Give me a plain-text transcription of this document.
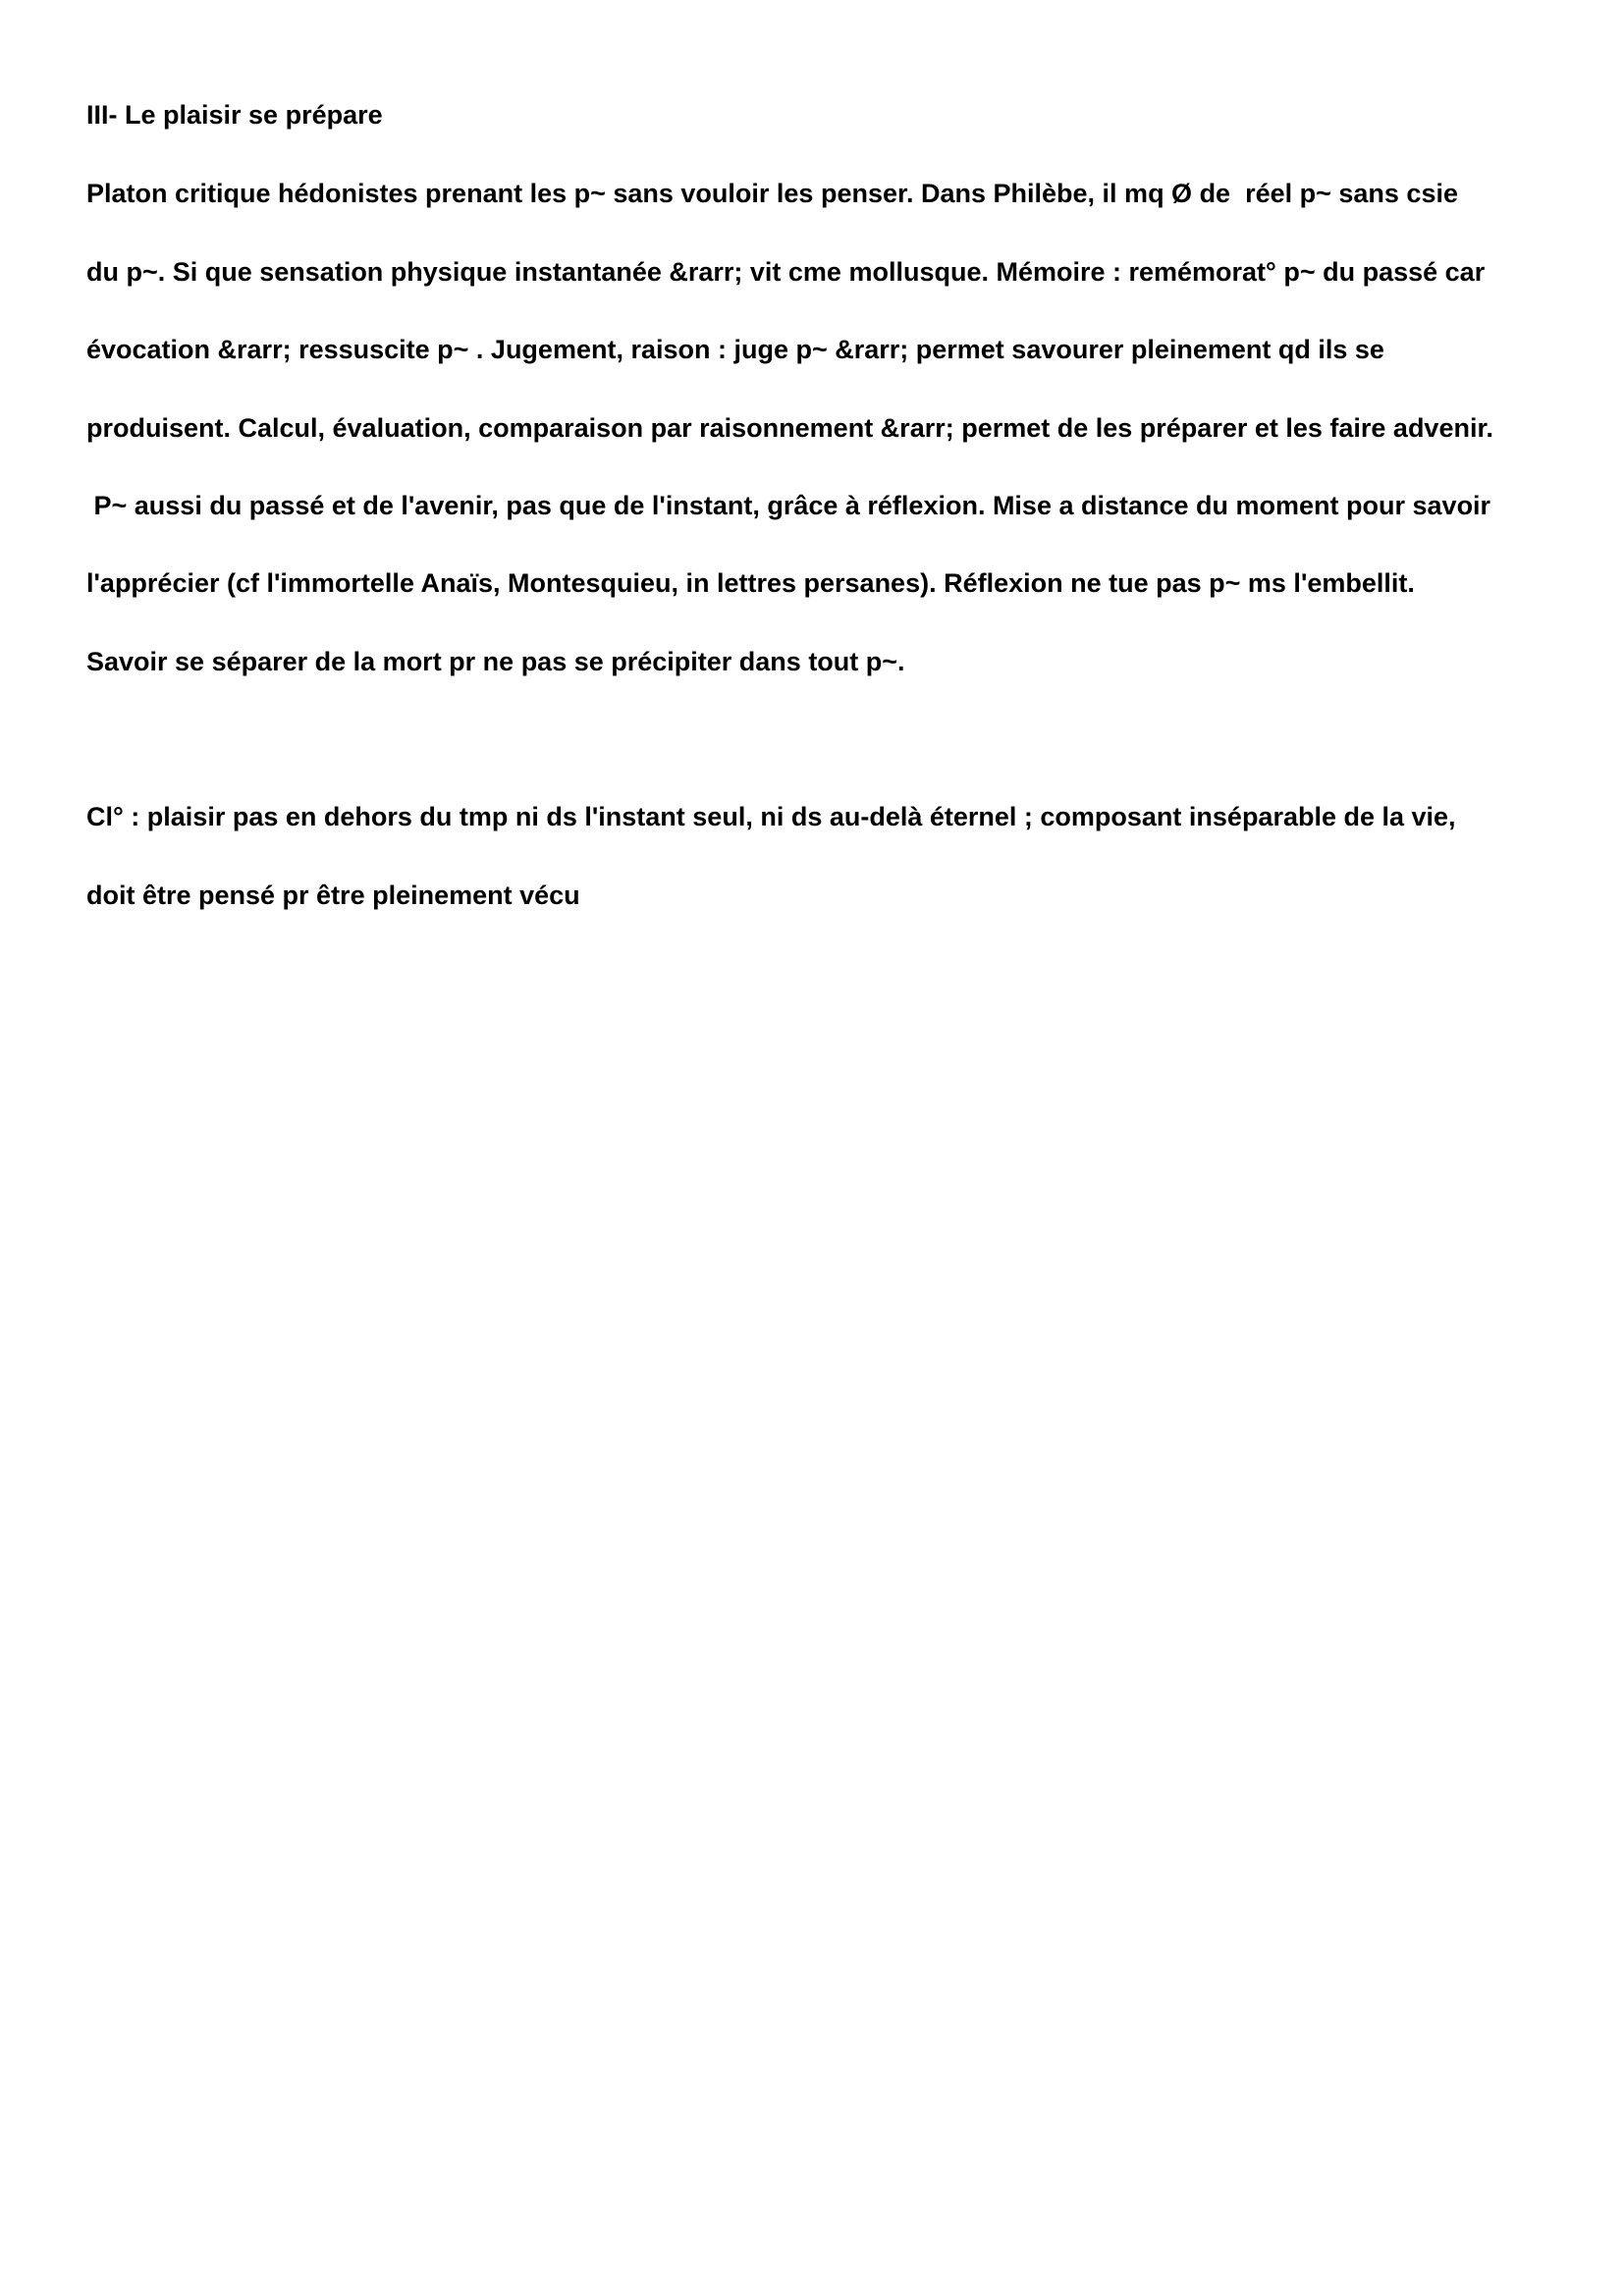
III- Le plaisir se prépare
Platon critique hédonistes prenant les p~ sans vouloir les penser. Dans Philèbe, il mq Ø de  réel p~ sans csie
du p~. Si que sensation physique instantanée &rarr; vit cme mollusque. Mémoire : remémorat° p~ du passé car
évocation &rarr; ressuscite p~ . Jugement, raison : juge p~ &rarr; permet savourer pleinement qd ils se
produisent. Calcul, évaluation, comparaison par raisonnement &rarr; permet de les préparer et les faire advenir.
P~ aussi du passé et de l'avenir, pas que de l'instant, grâce à réflexion. Mise a distance du moment pour savoir
l'apprécier (cf l'immortelle Anaïs, Montesquieu, in lettres persanes). Réflexion ne tue pas p~ ms l'embellit.
Savoir se séparer de la mort pr ne pas se précipiter dans tout p~.
Cl° : plaisir pas en dehors du tmp ni ds l'instant seul, ni ds au-delà éternel ; composant inséparable de la vie,
doit être pensé pr être pleinement vécu
